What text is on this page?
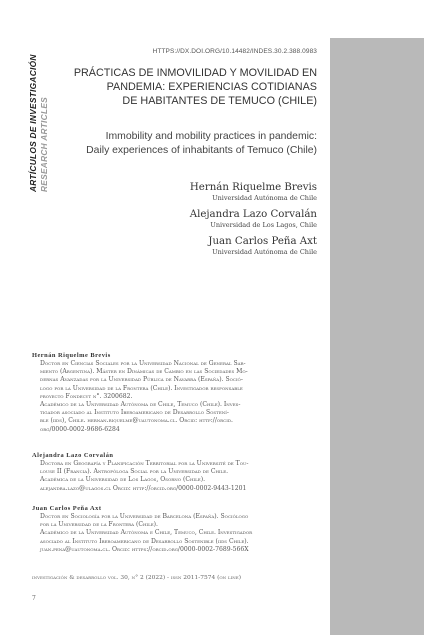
ARTÍCULOS DE INVESTIGACIÓN RESEARCH ARTICLES
HTTPS://DX.DOI.ORG/10.14482/INDES.30.2.388.0983
PRÁCTICAS DE INMOVILIDAD Y MOVILIDAD EN
PANDEMIA: EXPERIENCIAS COTIDIANAS
DE HABITANTES DE TEMUCO (CHILE)
Immobility and mobility practices in pandemic:
Daily experiences of inhabitants of Temuco (Chile)
Hernán Riquelme Brevis
Universidad Autónoma de Chile
Alejandra Lazo Corvalán
Universidad de Los Lagos, Chile
Juan Carlos Peña Axt
Universidad Autónoma de Chile
Hernán Riquelme Brevis

Doctor en Ciencias Sociales por la Universidad Nacional de General Sar-

miento (Argentina). Máster en Dinámicas de Cambio en las Sociedades Mo-

dernas Avanzadas por la Universidad Pública de Navarra (España). Soció-

logo por la Universidad de la Frontera (Chile). Investigador responsable

proyecto Fondecyt n°. 3200682.

Académico de la Universidad Autónoma de Chile, Temuco (Chile). Inves-

tigador asociado al Instituto Iberoamericano de Desarrollo Sostení-

ble (iids), Chile. hernan.riquelme@uautonoma.cl. Orcid: http://orcid.

org/0000-0002-9686-6284

Alejandra Lazo Corvalán

Doctora en Geografía y Planificación Territorial por la Université de Tou-

louse II (Francia). Antropóloga Social por la Universidad de Chile.

Académica de la Universidad de Los Lagos, Osorno (Chile).

alejandra.lazo@ulagos.cl Orcid: http://orcid.org/0000-0002-9443-1201

Juan Carlos Peña Axt

Doctor en Sociología por la Universidad de Barcelona (España). Sociólogo

por la Universidad de la Frontera (Chile).

Académico de la Universidad Autónoma e Chile, Temuco, Chile. Investigador

asociado al Instituto Iberoamericano de Desarrollo Sostenible (iids Chile).

juan.pena@uautonoma.cl. Orcid: https://orcid.org/0000-0002-7689-566X

investigación & desarrollo vol. 30, n° 2 (2022) - issn 2011-7574 (on line)
7
